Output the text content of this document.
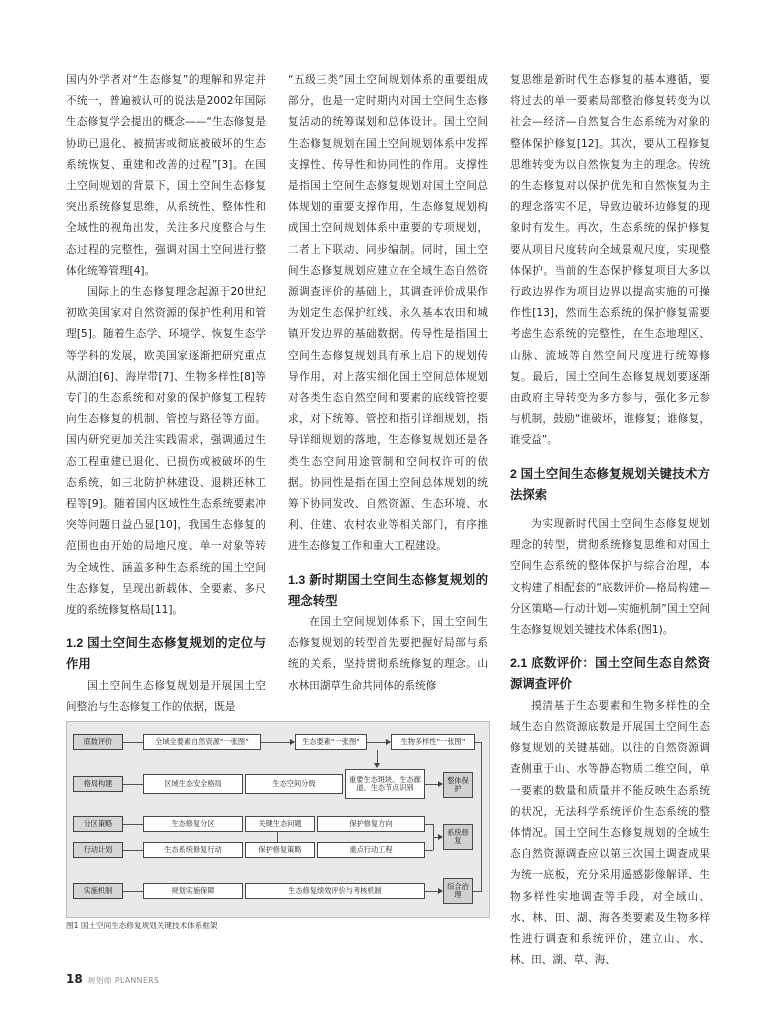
国内外学者对“生态修复”的理解和界定并不统一，普遍被认可的说法是2002年国际生态修复学会提出的概念——“生态修复是协助已退化、被损害或彻底被破坏的生态系统恢复、重建和改善的过程”[3]。在国土空间规划的背景下，国土空间生态修复突出系统修复思维，从系统性、整体性和全域性的视角出发，关注多尺度整合与生态过程的完整性，强调对国土空间进行整体化统筹管理[4]。

国际上的生态修复理念起源于20世纪初欧美国家对自然资源的保护性利用和管理[5]。随着生态学、环境学、恢复生态学等学科的发展，欧美国家逐渐把研究重点从湖泊[6]、海岸带[7]、生物多样性[8]等专门的生态系统和对象的保护修复工程转向生态修复的机制、管控与路径等方面。国内研究更加关注实践需求，强调通过生态工程重建已退化、已损伤或被破坏的生态系统，如三北防护林建设、退耕还林工程等[9]。随着国内区域性生态系统要素冲突等问题日益凸显[10]，我国生态修复的范围也由开始的局地尺度、单一对象等转为全域性、涵盖多种生态系统的国土空间生态修复，呈现出新载体、全要素、多尺度的系统修复格局[11]。

1.2 国土空间生态修复规划的定位与作用

国土空间生态修复规划是开展国土空间整治与生态修复工作的依据，既是

“五级三类”国土空间规划体系的重要组成部分，也是一定时期内对国土空间生态修复活动的统筹谋划和总体设计。国土空间生态修复规划在国土空间规划体系中发挥支撑性、传导性和协同性的作用。支撑性是指国土空间生态修复规划对国土空间总体规划的重要支撑作用，生态修复规划构成国土空间规划体系中重要的专项规划，二者上下联动、同步编制。同时，国土空间生态修复规划应建立在全域生态自然资源调查评价的基础上，其调查评价成果作为划定生态保护红线、永久基本农田和城镇开发边界的基础数据。传导性是指国土空间生态修复规划具有承上启下的规划传导作用，对上落实细化国土空间总体规划对各类生态自然空间和要素的底线管控要求，对下统筹、管控和指引详细规划，指导详细规划的落地，生态修复规划还是各类生态空间用途管制和空间权许可的依据。协同性是指在国土空间总体规划的统筹下协同发改、自然资源、生态环境、水利、住建、农村农业等相关部门，有序推进生态修复工作和重大工程建设。

1.3 新时期国土空间生态修复规划的理念转型

在国土空间规划体系下，国土空间生态修复规划的转型首先要把握好局部与系统的关系，坚持贯彻系统修复的理念。山水林田湖草生命共同体的系统修

复思维是新时代生态修复的基本遵循，要将过去的单一要素局部整治修复转变为以社会—经济—自然复合生态系统为对象的整体保护修复[12]。其次，要从工程修复思维转变为以自然恢复为主的理念。传统的生态修复对以保护优先和自然恢复为主的理念落实不足，导致边破坏边修复的现象时有发生。再次，生态系统的保护修复要从项目尺度转向全域景观尺度，实现整体保护。当前的生态保护修复项目大多以行政边界作为项目边界以提高实施的可操作性[13]，然而生态系统的保护修复需要考虑生态系统的完整性，在生态地理区、山脉、流域等自然空间尺度进行统筹修复。最后，国土空间生态修复规划要逐渐由政府主导转变为多方参与，强化多元参与机制，鼓励“谁破坏，谁修复；谁修复，谁受益”。

2 国土空间生态修复规划关键技术方法探索

为实现新时代国土空间生态修复规划理念的转型，贯彻系统修复思维和对国土空间生态系统的整体保护与综合治理，本文构建了相配套的“底数评价—格局构建—分区策略—行动计划—实施机制”国土空间生态修复规划关键技术体系(图1)。

2.1 底数评价：国土空间生态自然资源调查评价

摸清基于生态要素和生物多样性的全域生态自然资源底数是开展国土空间生态修复规划的关键基础。以往的自然资源调查侧重于山、水等静态物质二维空间，单一要素的数量和质量并不能反映生态系统的状况，无法科学系统评价生态系统的整体情况。国土空间生态修复规划的全域生态自然资源调查应以第三次国土调查成果为统一底板，充分采用遥感影像解译、生物多样性实地调查等手段，对全域山、水、林、田、湖、海各类要素及生物多样性进行调查和系统评价，建立山、水、林、田、湖、草、海、

底数评价
格局构建
分区策略
行动计划
实施机制
全域全要素自然资源“一张图”	生态要素“一张图”	生物多样性“一张图”
区域生态安全格局	生态空间分级	重要生态斑块、生态廊道、生态节点识别
生态修复分区	关键生态问题	保护修复方向
生态系统修复行动	保护修复策略	重点行动工程
规划实施保障	生态修复绩效评价与考核机制
整体保护
系统修复
综合治理

图1 国土空间生态修复规划关键技术体系框架

18 规划师 PLANNERS
